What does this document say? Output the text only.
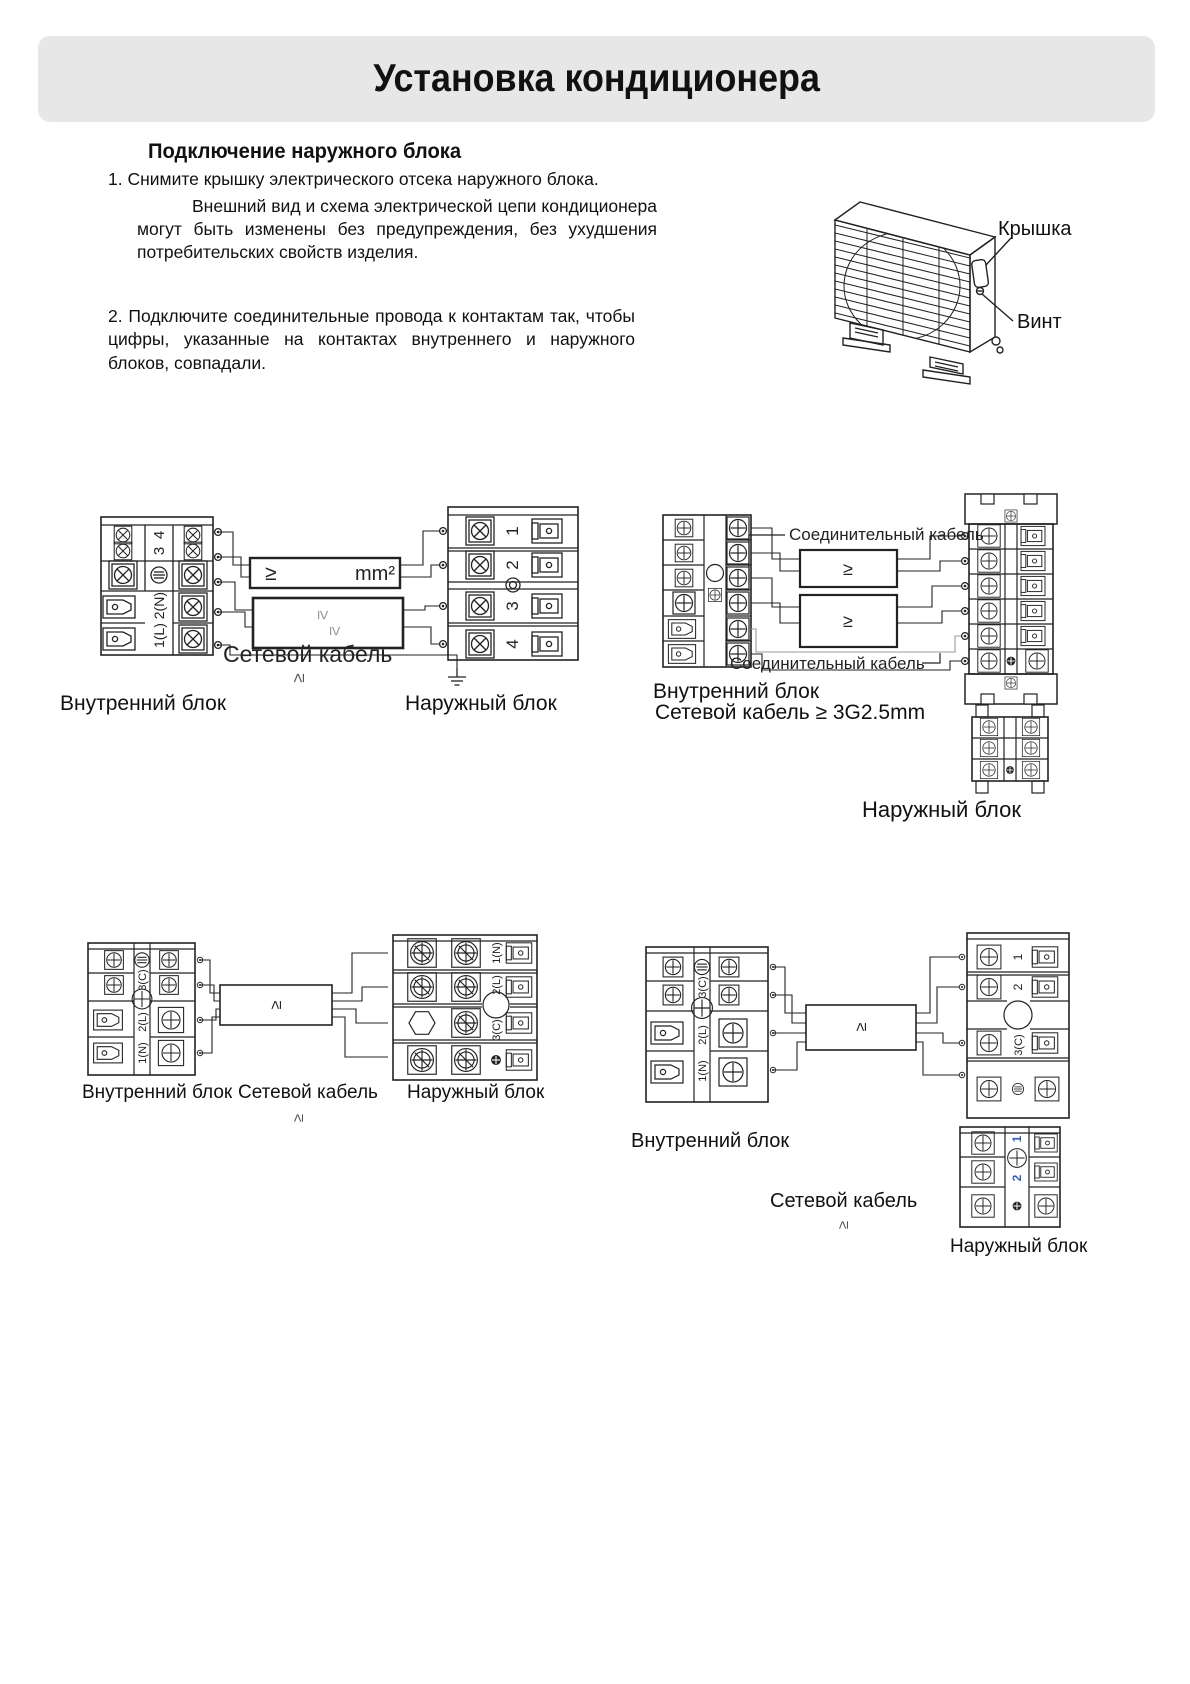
Установка кондиционера
Подключение наружного блока
1. Снимите крышку электрического отсека наружного блока.
Внешний вид и схема электрической цепи кондиционера могут быть изменены без предупреждения, без ухудшения потребительских свойств изделия.
2. Подключите соединительные провода к контактам так, чтобы цифры, указанные на контактах внутреннего и наружного блоков, совпадали.
Крышка
Винт
4
3
1(L) 2(N)
≥	mm²
≥
≥
1
2
3
4
Сетевой кабель
≥
Внутренний блок	Наружный блок
≥
≥
Соединительный кабель
Соединительный кабель
Внутренний блок
Сетевой кабель ≥ 3G2.5mm
Наружный блок
3(C)
2(L)
1(N)
1(N)
2(L)
3(C)
≥
Внутренний блок Сетевой кабель
≥
Наружный блок
3(C)
2(L)
1(N)
1
2
3(C)
1
2
≥
Внутренний блок
Сетевой кабель
≥
Наружный блок
